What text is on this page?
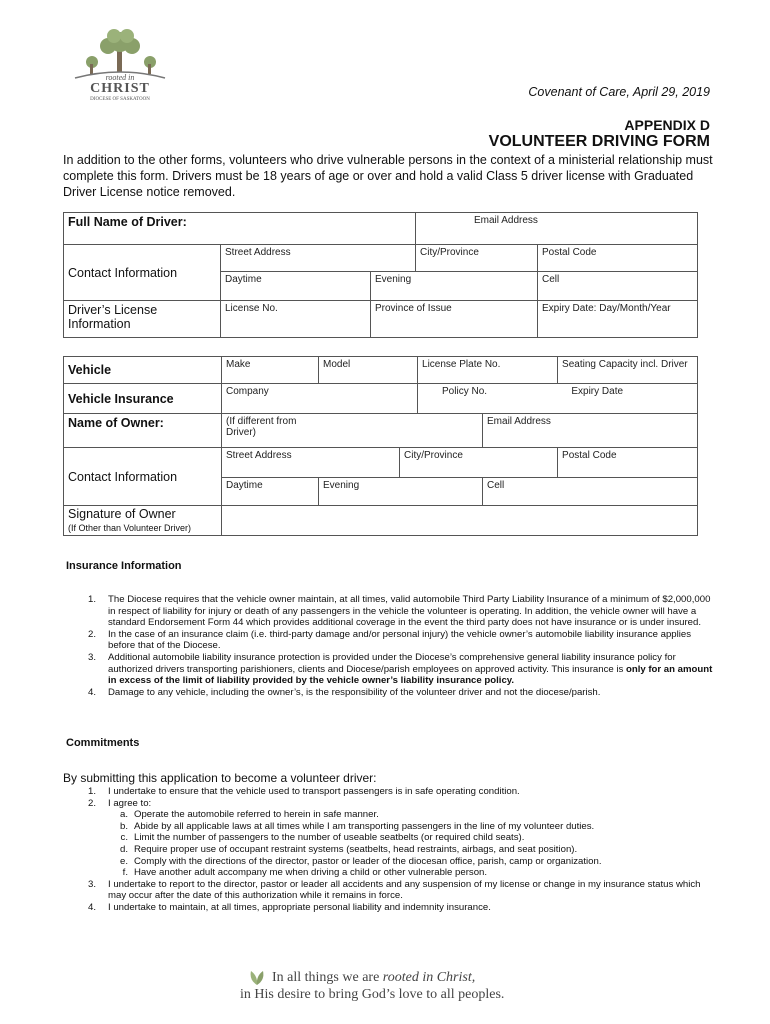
rooted in
CHRIST
DIOCESE OF SASKATOON
Covenant of Care, April 29, 2019
APPENDIX D
VOLUNTEER DRIVING FORM
In addition to the other forms, volunteers who drive vulnerable persons in the context of a ministerial relationship must complete this form. Drivers must be 18 years of age or over and hold a valid Class 5 driver license with Graduated Driver License notice removed.
Full Name of Driver:			Email Address	
Contact Information	Street Address		City/Province	Postal Code
	Daytime	Evening		Cell
Driver’s License Information	License No.	Province of Issue		Expiry Date: Day/Month/Year
Vehicle	Make	Model		License Plate No.		Seating Capacity incl. Driver
Vehicle Insurance	Company			Policy No. Expiry Date		

Name of Owner:	(If different from Driver)				Email Address	
Contact Information	Street Address		City/Province			Postal Code
	Daytime	Evening			Cell	
Signature of Owner
(If Other than Volunteer Driver)						

Insurance Information
1. The Diocese requires that the vehicle owner maintain, at all times, valid automobile Third Party Liability Insurance of a minimum of $2,000,000 in respect of liability for injury or death of any passengers in the vehicle the volunteer is operating. In addition, the vehicle owner will have a standard Endorsement Form 44 which provides additional coverage in the event the third party does not have insurance or is under insured.
2. In the case of an insurance claim (i.e. third-party damage and/or personal injury) the vehicle owner’s automobile liability insurance applies before that of the Diocese.
3. Additional automobile liability insurance protection is provided under the Diocese’s comprehensive general liability insurance policy for authorized drivers transporting parishioners, clients and Diocese/parish employees on approved activity. This insurance is only for an amount in excess of the limit of liability provided by the vehicle owner’s liability insurance policy.
4. Damage to any vehicle, including the owner’s, is the responsibility of the volunteer driver and not the diocese/parish.
Commitments
By submitting this application to become a volunteer driver:
1. I undertake to ensure that the vehicle used to transport passengers is in safe operating condition.
2. I agree to:
a. Operate the automobile referred to herein in safe manner.
b. Abide by all applicable laws at all times while I am transporting passengers in the line of my volunteer duties.
c. Limit the number of passengers to the number of useable seatbelts (or required child seats).
d. Require proper use of occupant restraint systems (seatbelts, head restraints, airbags, and seat position).
e. Comply with the directions of the director, pastor or leader of the diocesan office, parish, camp or organization.
f. Have another adult accompany me when driving a child or other vulnerable person.
3. I undertake to report to the director, pastor or leader all accidents and any suspension of my license or change in my insurance status which may occur after the date of this authorization while it remains in force.
4. I undertake to maintain, at all times, appropriate personal liability and indemnity insurance.
In all things we are rooted in Christ,
in His desire to bring God’s love to all peoples.
